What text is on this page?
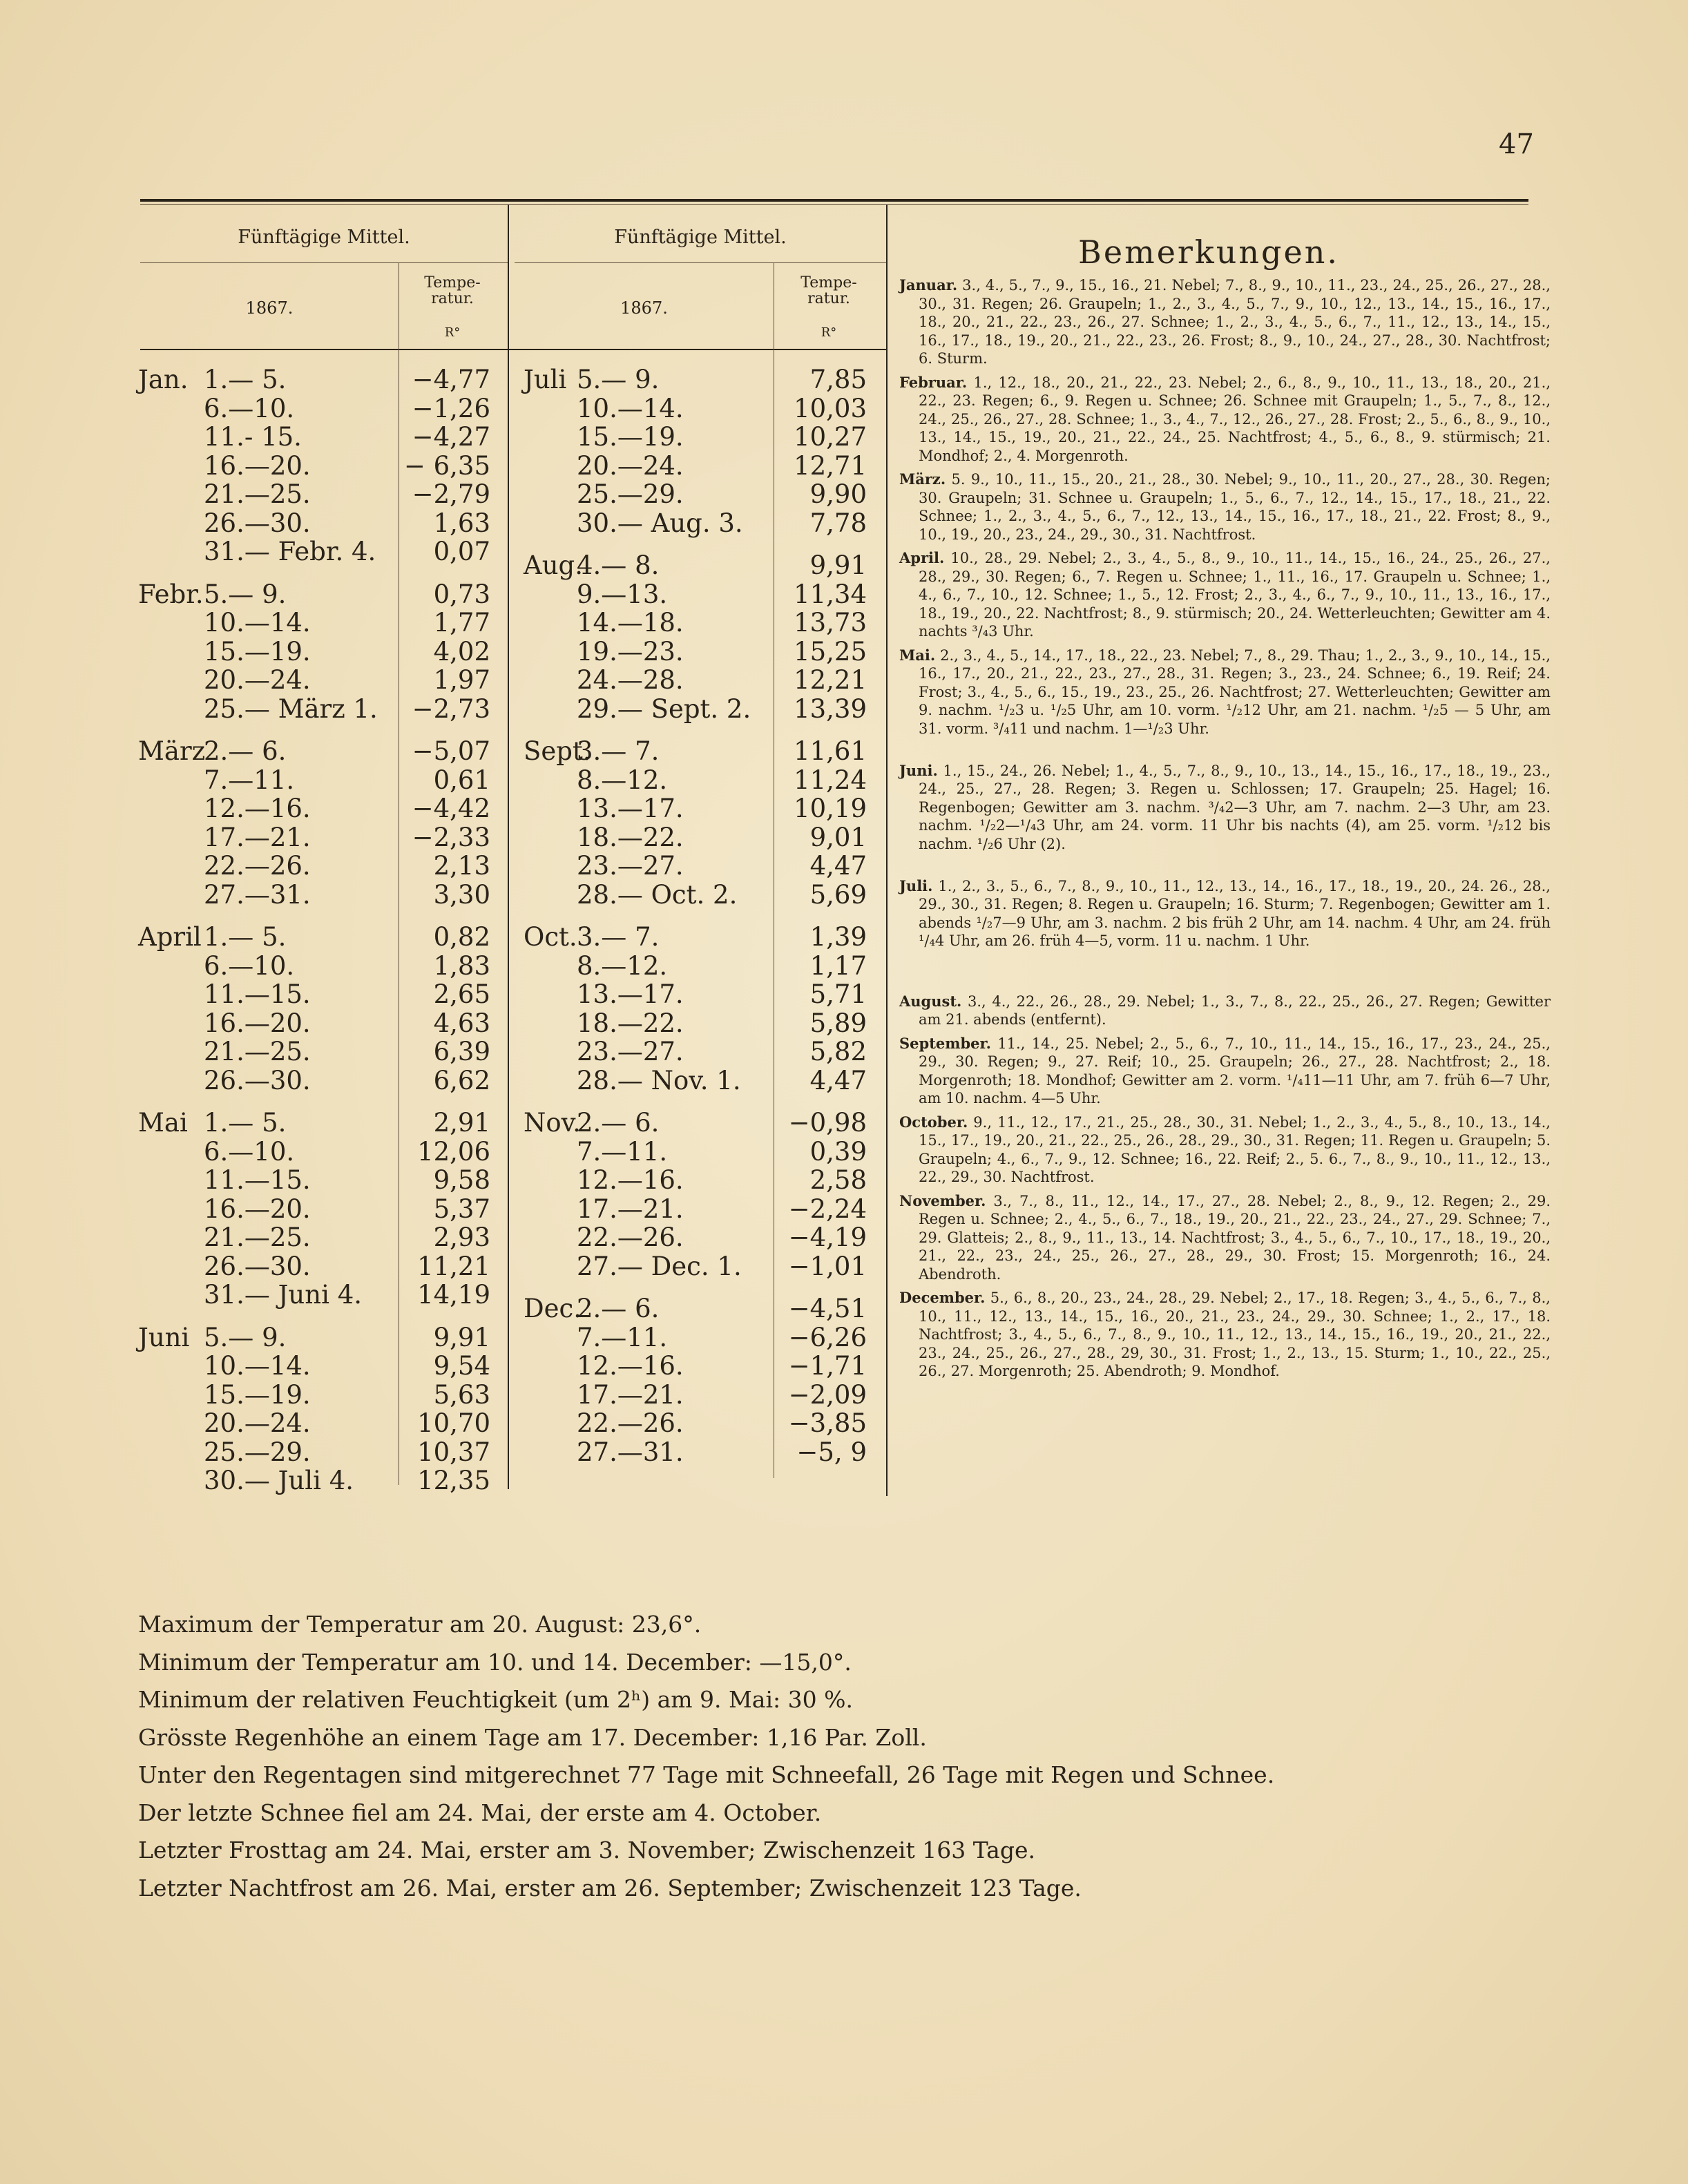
47
Fünftägige Mittel.
1867.
Tempe- ratur.
R°
Fünftägige Mittel.
1867.
Tempe- ratur.
R°
Jan. 1.— 5.	−4,77
6.—10.	−1,26
11.- 15.	−4,27
16.—20.	− 6,35
21.—25.	−2,79
26.—30.	1,63
31.— Febr. 4.	0,07
Febr. 5.— 9.	0,73
10.—14.	1,77
15.—19.	4,02
20.—24.	1,97
25.— März 1.	−2,73
März
2.— 6.	−5,07
7.—11.	0,61
12.—16.	−4,42
17.—21.	−2,33
22.—26.	2,13
27.—31.	3,30
April 1.— 5.	0,82
6.—10.	1,83
11.—15.	2,65
16.—20.	4,63
21.—25.	6,39
26.—30.	6,62
Mai 1.— 5.	2,91
6.—10.	12,06
11.—15.	9,58
16.—20.	5,37
21.—25.	2,93
26.—30.	11,21
31.— Juni 4.	14,19
Juni 5.— 9.	9,91
10.—14.	9,54
15.—19.	5,63
20.—24.	10,70
25.—29.	10,37
30.— Juli 4.	12,35
Juli 5.— 9.	7,85
10.—14.	10,03
15.—19.	10,27
20.—24.	12,71
25.—29.	9,90
30.— Aug. 3.	7,78
Aug.
4.— 8.	9,91
9.—13.	11,34
14.—18.	13,73
19.—23.	15,25
24.—28.	12,21
29.— Sept. 2.	13,39
Sept.
3.— 7.	11,61
8.—12.	11,24
13.—17.	10,19
18.—22.	9,01
23.—27.	4,47
28.— Oct. 2.	5,69
Oct. 3.— 7.	1,39
8.—12.	1,17
13.—17.	5,71
18.—22.	5,89
23.—27.	5,82
28.— Nov. 1.	4,47
Nov.
2.— 6.	−0,98
7.—11.	0,39
12.—16.	2,58
17.—21.	−2,24
22.—26.	−4,19
27.— Dec. 1.	−1,01
Dec.
2.— 6.	−4,51
7.—11.	−6,26
12.—16.	−1,71
17.—21.	−2,09
22.—26.	−3,85
27.—31.	−5, 9
Bemerkungen.
Januar. 3., 4., 5., 7., 9., 15., 16., 21. Nebel; 7., 8., 9., 10., 11., 23., 24., 25., 26., 27., 28., 30., 31. Regen; 26. Graupeln; 1., 2., 3., 4., 5., 7., 9., 10., 12., 13., 14., 15., 16., 17., 18., 20., 21., 22., 23., 26., 27. Schnee; 1., 2., 3., 4., 5., 6., 7., 11., 12., 13., 14., 15., 16., 17., 18., 19., 20., 21., 22., 23., 26. Frost; 8., 9., 10., 24., 27., 28., 30. Nachtfrost; 6. Sturm.
Februar. 1., 12., 18., 20., 21., 22., 23. Nebel; 2., 6., 8., 9., 10., 11., 13., 18., 20., 21., 22., 23. Regen; 6., 9. Regen u. Schnee; 26. Schnee mit Graupeln; 1., 5., 7., 8., 12., 24., 25., 26., 27., 28. Schnee; 1., 3., 4., 7., 12., 26., 27., 28. Frost; 2., 5., 6., 8., 9., 10., 13., 14., 15., 19., 20., 21., 22., 24., 25. Nachtfrost; 4., 5., 6., 8., 9. stürmisch; 21. Mondhof; 2., 4. Morgenroth.
März. 5. 9., 10., 11., 15., 20., 21., 28., 30. Nebel; 9., 10., 11., 20., 27., 28., 30. Regen; 30. Graupeln; 31. Schnee u. Graupeln; 1., 5., 6., 7., 12., 14., 15., 17., 18., 21., 22. Schnee; 1., 2., 3., 4., 5., 6., 7., 12., 13., 14., 15., 16., 17., 18., 21., 22. Frost; 8., 9., 10., 19., 20., 23., 24., 29., 30., 31. Nachtfrost.
April. 10., 28., 29. Nebel; 2., 3., 4., 5., 8., 9., 10., 11., 14., 15., 16., 24., 25., 26., 27., 28., 29., 30. Regen; 6., 7. Regen u. Schnee; 1., 11., 16., 17. Graupeln u. Schnee; 1., 4., 6., 7., 10., 12. Schnee; 1., 5., 12. Frost; 2., 3., 4., 6., 7., 9., 10., 11., 13., 16., 17., 18., 19., 20., 22. Nachtfrost; 8., 9. stürmisch; 20., 24. Wetterleuchten; Gewitter am 4. nachts ³/₄3 Uhr.
Mai. 2., 3., 4., 5., 14., 17., 18., 22., 23. Nebel; 7., 8., 29. Thau; 1., 2., 3., 9., 10., 14., 15., 16., 17., 20., 21., 22., 23., 27., 28., 31. Regen; 3., 23., 24. Schnee; 6., 19. Reif; 24. Frost; 3., 4., 5., 6., 15., 19., 23., 25., 26. Nachtfrost; 27. Wetterleuchten; Gewitter am 9. nachm. ¹/₂3 u. ¹/₂5 Uhr, am 10. vorm. ¹/₂12 Uhr, am 21. nachm. ¹/₂5 — 5 Uhr, am 31. vorm. ³/₄11 und nachm. 1—¹/₂3 Uhr.
Juni. 1., 15., 24., 26. Nebel; 1., 4., 5., 7., 8., 9., 10., 13., 14., 15., 16., 17., 18., 19., 23., 24., 25., 27., 28. Regen; 3. Regen u. Schlossen; 17. Graupeln; 25. Hagel; 16. Regenbogen; Gewitter am 3. nachm. ³/₄2—3 Uhr, am 7. nachm. 2—3 Uhr, am 23. nachm. ¹/₂2—¹/₄3 Uhr, am 24. vorm. 11 Uhr bis nachts (4), am 25. vorm. ¹/₂12 bis nachm. ¹/₂6 Uhr (2).
Juli. 1., 2., 3., 5., 6., 7., 8., 9., 10., 11., 12., 13., 14., 16., 17., 18., 19., 20., 24. 26., 28., 29., 30., 31. Regen; 8. Regen u. Graupeln; 16. Sturm; 7. Regenbogen; Gewitter am 1. abends ¹/₂7—9 Uhr, am 3. nachm. 2 bis früh 2 Uhr, am 14. nachm. 4 Uhr, am 24. früh ¹/₄4 Uhr, am 26. früh 4—5, vorm. 11 u. nachm. 1 Uhr.
August. 3., 4., 22., 26., 28., 29. Nebel; 1., 3., 7., 8., 22., 25., 26., 27. Regen; Gewitter am 21. abends (entfernt).
September. 11., 14., 25. Nebel; 2., 5., 6., 7., 10., 11., 14., 15., 16., 17., 23., 24., 25., 29., 30. Regen; 9., 27. Reif; 10., 25. Graupeln; 26., 27., 28. Nachtfrost; 2., 18. Morgenroth; 18. Mondhof; Gewitter am 2. vorm. ¹/₄11—11 Uhr, am 7. früh 6—7 Uhr, am 10. nachm. 4—5 Uhr.
October. 9., 11., 12., 17., 21., 25., 28., 30., 31. Nebel; 1., 2., 3., 4., 5., 8., 10., 13., 14., 15., 17., 19., 20., 21., 22., 25., 26., 28., 29., 30., 31. Regen; 11. Regen u. Graupeln; 5. Graupeln; 4., 6., 7., 9., 12. Schnee; 16., 22. Reif; 2., 5. 6., 7., 8., 9., 10., 11., 12., 13., 22., 29., 30. Nachtfrost.
November. 3., 7., 8., 11., 12., 14., 17., 27., 28. Nebel; 2., 8., 9., 12. Regen; 2., 29. Regen u. Schnee; 2., 4., 5., 6., 7., 18., 19., 20., 21., 22., 23., 24., 27., 29. Schnee; 7., 29. Glatteis; 2., 8., 9., 11., 13., 14. Nachtfrost; 3., 4., 5., 6., 7., 10., 17., 18., 19., 20., 21., 22., 23., 24., 25., 26., 27., 28., 29., 30. Frost; 15. Morgenroth; 16., 24. Abendroth.
December. 5., 6., 8., 20., 23., 24., 28., 29. Nebel; 2., 17., 18. Regen; 3., 4., 5., 6., 7., 8., 10., 11., 12., 13., 14., 15., 16., 20., 21., 23., 24., 29., 30. Schnee; 1., 2., 17., 18. Nachtfrost; 3., 4., 5., 6., 7., 8., 9., 10., 11., 12., 13., 14., 15., 16., 19., 20., 21., 22., 23., 24., 25., 26., 27., 28., 29, 30., 31. Frost; 1., 2., 13., 15. Sturm; 1., 10., 22., 25., 26., 27. Morgenroth; 25. Abendroth; 9. Mondhof.
Maximum der Temperatur am 20. August: 23,6°.
Minimum der Temperatur am 10. und 14. December: —15,0°.
Minimum der relativen Feuchtigkeit (um 2ʰ) am 9. Mai: 30 %.
Grösste Regenhöhe an einem Tage am 17. December: 1,16 Par. Zoll.
Unter den Regentagen sind mitgerechnet 77 Tage mit Schneefall, 26 Tage mit Regen und Schnee.
Der letzte Schnee fiel am 24. Mai, der erste am 4. October.
Letzter Frosttag am 24. Mai, erster am 3. November; Zwischenzeit 163 Tage.
Letzter Nachtfrost am 26. Mai, erster am 26. September; Zwischenzeit 123 Tage.
